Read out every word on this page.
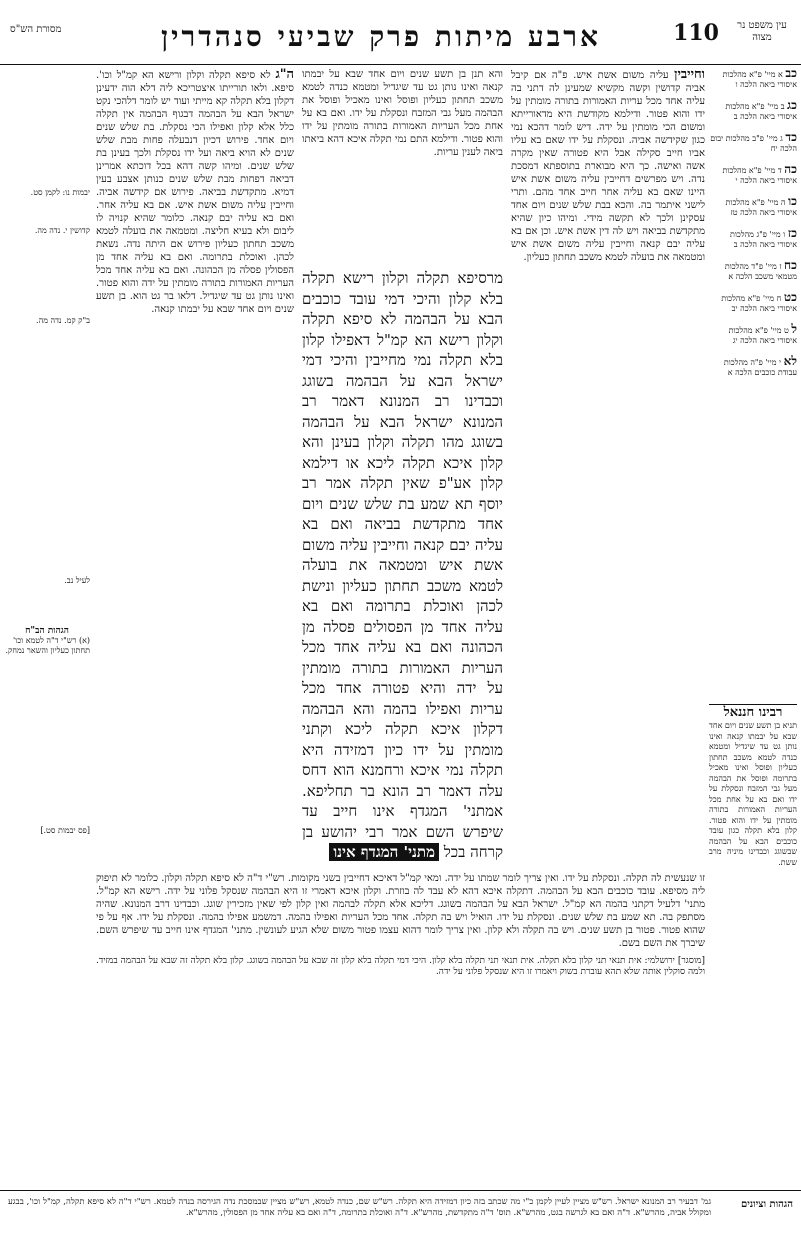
עין משפט נר מצוה
110
ארבע מיתות פרק שביעי סנהדרין
מסורת הש"ס
כב א מיי' פ"א מהלכות איסורי ביאה הלכה ו
כג ב מיי' פ"א מהלכות איסורי ביאה הלכה ב
כד ג מיי' פ"ב מהלכות יבום הלכה יח
כה ד מיי' פ"א מהלכות איסורי ביאה הלכה י
כו ה מיי' פ"א מהלכות איסורי ביאה הלכה טז
כז ו מיי' פ"ג מהלכות איסורי ביאה הלכה ב
כח ז מיי' פ"ד מהלכות מטמאי משכב הלכה א
כט ח מיי' פ"א מהלכות איסורי ביאה הלכה יב
ל ט מיי' פ"א מהלכות איסורי ביאה הלכה יג
לא י מיי' פ"ה מהלכות עבודת כוכבים הלכה א
רבינו חננאל
תניא בן תשע שנים ויום אחד שבא על יבמתו קנאה ואינו נותן גט עד שיגדיל ומטמא כנדה לטמא משכב תחתון כעליון ופוסל ואינו מאכיל בתרומה ופוסל את הבהמה מעל גבי המזבח ונסקלת על ידו ואם בא על אחת מכל העריות האמורות בתורה מומתין על ידו והוא פטור. קלון בלא תקלה כגון עובד כוכבים הבא על הבהמה שבשוגג וכבדינו מיניה מרב ששת.
יבמות נו: לקמן סט.
קדושין י. נדה מה.
ב"ק קמ. נדה מה.
לעיל נב.
הגהות הב"ח
(א) רש"י ד"ה לטמא וכו' תחתון כעליון והשאר נמחק.
[פס יבמות סט.]
וחייבין עליה משום אשת איש. פ"ה אם קיבל אביה קדושין וקשה מקשיא שמעינן לה דתני בה עליה אחד מכל עריות האמורות בתורה מומתין על ידו והוא פטור. ודילמא מקודשת היא מדאורייתא ומשום הכי מומתין על ידה. דיש לומר דהכא נמי כגון שקידשה אביה. ונסקלת על ידו שאם בא עליו אביו חייב סקילה אבל היא פטורה שאין מקרה אשה ואישה. כך היא מבוארת בתוספתא דמסכת נדה. ויש מפרשים דחייבין עליה משום אשת איש היינו שאם בא עליה אחר חייב אחד מהם. ותרי לישני איתמר בה. והכא בבת שלש שנים ויום אחד עסקינן ולכך לא תקשה מידי. ומיהו כיון שהיא מתקדשת בביאה ויש לה דין אשת איש. וכן אם בא עליה יבם קנאה וחייבין עליה משום אשת איש ומטמאה את בועלה לטמא משכב תחתון כעליון.
והא תנן בן תשע שנים ויום אחד שבא על יבמתו קנאה ואינו נותן גט עד שיגדיל ומטמא כנדה לטמא משכב תחתון כעליון ופוסל ואינו מאכיל ופוסל את הבהמה מעל גבי המזבח ונסקלת על ידו. ואם בא על אחת מכל העריות האמורות בתורה מומתין על ידו והוא פטור. ודילמא התם נמי תקלה איכא דהא ביאתו ביאה לענין עריות.
מרסיפא תקלה וקלון רישא תקלה בלא קלון והיכי דמי עובד כוכבים הבא על הבהמה לא סיפא תקלה וקלון רישא הא קמ"ל דאפילו קלון בלא תקלה נמי מחייבין והיכי דמי ישראל הבא על הבהמה בשוגג וכבדינו רב המנונא דאמר רב המנונא ישראל הבא על הבהמה בשוגג מהו תקלה וקלון בעינן והא קלון איכא תקלה ליכא או דילמא קלון אע"פ שאין תקלה אמר רב יוסף תא שמע בת שלש שנים ויום אחד מתקדשת בביאה ואם בא עליה יבם קנאה וחייבין עליה משום אשת איש ומטמאה את בועלה לטמא משכב תחתון כעליון ונישת לכהן ואוכלת בתרומה ואם בא עליה אחד מן הפסולים פסלה מן הכהונה ואם בא עליה אחד מכל העריות האמורות בתורה מומתין על ידה והיא פטורה אחד מכל עריות ואפילו בהמה והא הבהמה דקלון איכא תקלה ליכא וקתני מומתין על ידו כיון דמזידה היא תקלה נמי איכא ורחמנא הוא דחס עלה דאמר רב הונא בר תחליפא. אמתני' המגדף אינו חייב עד שיפרש השם אמר רבי יהושע בן קרחה בכל מתני' המגדף אינו
ה"ג לא סיפא תקלה וקלון ורישא הא קמ"ל וכו'. סיפא. ולאו תורייתו איצטריכא ליה דלא הוה ידעינן דקלון בלא תקלה קא מייתי ועוד יש לומר דלהכי נקט ישראל הבא על הבהמה דבגוף הבהמה אין תקלה כלל אלא קלון ואפילו הכי נסקלת. בת שלש שנים ויום אחד. פירוש דכיון דנבעלה פחות מבת שלש שנים לא הויא ביאה ועל ידו נסקלת ולכך בעינן בת שלש שנים. ומיהו קשה דהא בכל דוכתא אמרינן דביאה דפחות מבת שלש שנים כנותן אצבע בעין דמיא. מתקדשת בביאה. פירוש אם קידשה אביה. וחייבין עליה משום אשת איש. אם בא עליה אחר. ואם בא עליה יבם קנאה. כלומר שהיא קנויה לו ליבום ולא בעיא חליצה. ומטמאה את בועלה לטמא משכב תחתון כעליון פירוש אם היתה נדה. נשאת לכהן. ואוכלת בתרומה. ואם בא עליה אחד מן הפסולין פסלה מן הכהונה. ואם בא עליה אחד מכל העריות האמורות בתורה מומתין על ידה והוא פטור. ואינו נותן גט עד שיגדיל. דלאו בר גט הוא. בן תשע שנים ויום אחד שבא על יבמתו קנאה.
זו שנעשית לה תקלה. ונסקלת על ידו. ואין צריך לומר שמתו על ידה. ומאי קמ"ל דאיכא דחייבין בשני מקומות. רש"י ד"ה לא סיפא תקלה וקלון. כלומר לא תיפוק ליה מסיפא. עובד כוכבים הבא על הבהמה. דתקלה איכא דהא לא עבד לה בוזרת. וקלון איכא דאמרי זו היא הבהמה שנסקל פלוני על ידה. רישא הא קמ"ל. מתני' דלעיל דקתני בהמה הא קמ"ל. ישראל הבא על הבהמה בשוגג. דליכא אלא תקלה לבהמה ואין קלון לפי שאין מזכירין שוגג. וכבדינו דרב המנונא. שהיה מסתפק בה. תא שמע בת שלש שנים. ונסקלת על ידו. הואיל ויש בה תקלה. אחד מכל העריות ואפילו בהמה. דמשמע אפילו בהמה. ונסקלת על ידו. אף על פי שהוא פטור. פטור בן תשע שנים. ויש בה תקלה ולא קלון. ואין צריך לומר דהוא עצמו פטור משום שלא הגיע לעונשין. מתני' המגדף אינו חייב עד שיפרש השם. שיברך את השם בשם.
[מוסגר] ירושלמי: אית תנאי תני קלון בלא תקלה. אית תנאי תני תקלה בלא קלון. היכי דמי תקלה בלא קלון זה שבא על הבהמה בשוגג. קלון בלא תקלה זה שבא על הבהמה במזיד. ולמה סוקלין אותה שלא תהא עוברת בשוק ויאמרו זו היא שנסקל פלוני על ידה.
הגהות וציונים
גמ' דבעיר רב המנונא ישראל. רש"ש מציין לעיין לקמן כ"י מה שכתב בזה כיון דמזידה היא תקלה. רש"ש שם, כנדה לטמא, רש"ש מציין שבמסכת נדה הגירסה בנדה לטמא. רש"י ד"ה לא סיפא תקלה, קמ"ל וכו', בבגע ומקולל אביה, מהרש"א. ד"ה ואם בא לגרשה בגט, מהרש"א. תוס' ד"ה מתקדשת, מהרש"א. ד"ה ואוכלת בתרומה, ד"ה ואם בא עליה אחד מן הפסולין, מהרש"א.
